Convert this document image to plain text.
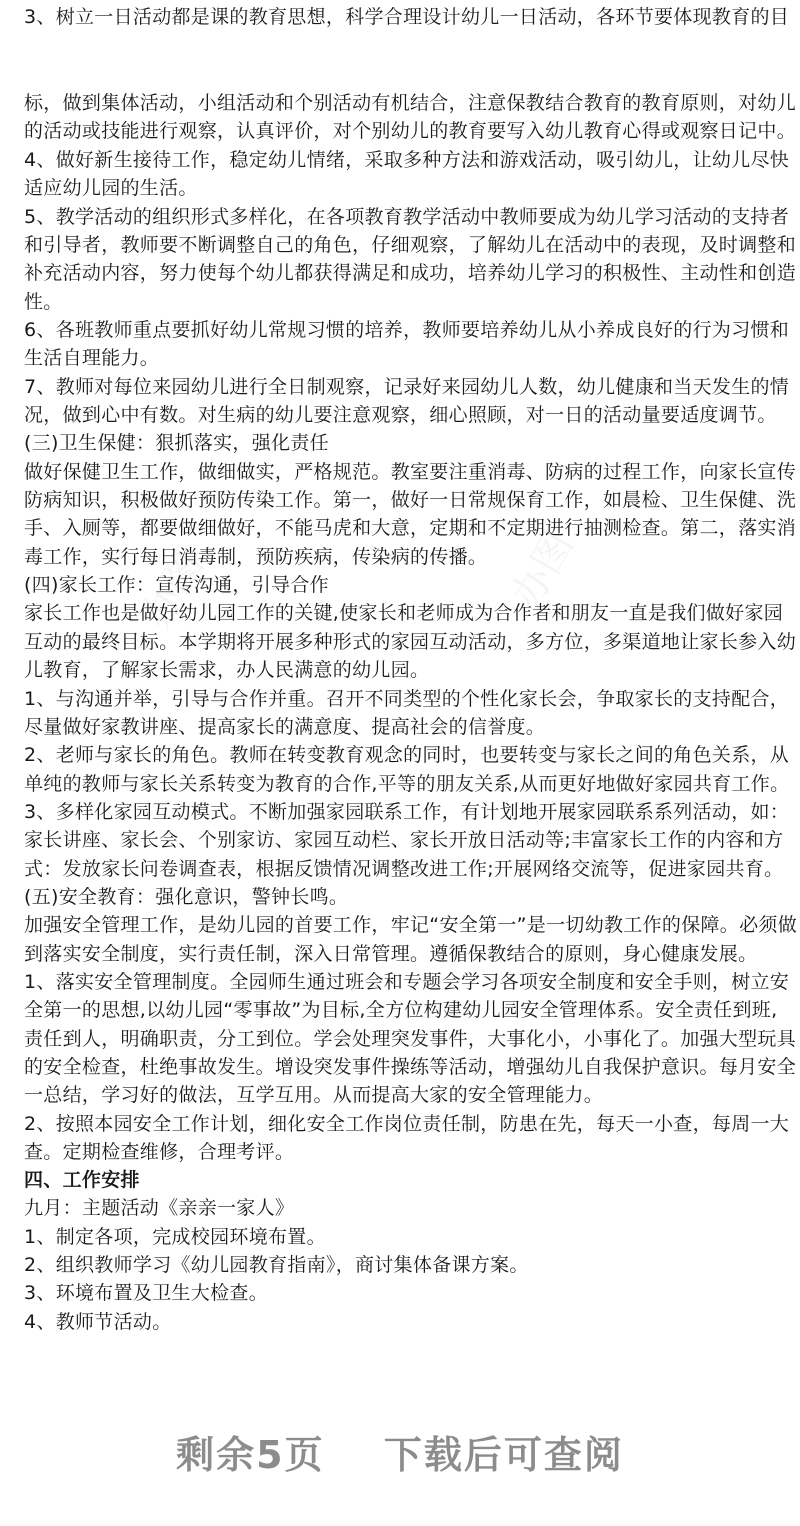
3、树立一日活动都是课的教育思想，科学合理设计幼儿一日活动，各环节要体现教育的目
标，做到集体活动，小组活动和个别活动有机结合，注意保教结合教育的教育原则，对幼儿
的活动或技能进行观察，认真评价，对个别幼儿的教育要写入幼儿教育心得或观察日记中。
4、做好新生接待工作，稳定幼儿情绪，采取多种方法和游戏活动，吸引幼儿，让幼儿尽快
适应幼儿园的生活。
5、教学活动的组织形式多样化，在各项教育教学活动中教师要成为幼儿学习活动的支持者
和引导者，教师要不断调整自己的角色，仔细观察，了解幼儿在活动中的表现，及时调整和
补充活动内容，努力使每个幼儿都获得满足和成功，培养幼儿学习的积极性、主动性和创造
性。
6、各班教师重点要抓好幼儿常规习惯的培养，教师要培养幼儿从小养成良好的行为习惯和
生活自理能力。
7、教师对每位来园幼儿进行全日制观察，记录好来园幼儿人数，幼儿健康和当天发生的情
况，做到心中有数。对生病的幼儿要注意观察，细心照顾，对一日的活动量要适度调节。
(三)卫生保健：狠抓落实，强化责任
做好保健卫生工作，做细做实，严格规范。教室要注重消毒、防病的过程工作，向家长宣传
防病知识，积极做好预防传染工作。第一，做好一日常规保育工作，如晨检、卫生保健、洗
手、入厕等，都要做细做好，不能马虎和大意，定期和不定期进行抽测检查。第二，落实消
毒工作，实行每日消毒制，预防疾病，传染病的传播。
(四)家长工作：宣传沟通，引导合作
家长工作也是做好幼儿园工作的关键,使家长和老师成为合作者和朋友一直是我们做好家园
互动的最终目标。本学期将开展多种形式的家园互动活动，多方位，多渠道地让家长参入幼
儿教育，了解家长需求，办人民满意的幼儿园。
1、与沟通并举，引导与合作并重。召开不同类型的个性化家长会，争取家长的支持配合，
尽量做好家教讲座、提高家长的满意度、提高社会的信誉度。
2、老师与家长的角色。教师在转变教育观念的同时，也要转变与家长之间的角色关系，从
单纯的教师与家长关系转变为教育的合作,平等的朋友关系,从而更好地做好家园共育工作。
3、多样化家园互动模式。不断加强家园联系工作，有计划地开展家园联系系列活动，如：
家长讲座、家长会、个别家访、家园互动栏、家长开放日活动等;丰富家长工作的内容和方
式：发放家长问卷调查表，根据反馈情况调整改进工作;开展网络交流等，促进家园共育。
(五)安全教育：强化意识，警钟长鸣。
加强安全管理工作，是幼儿园的首要工作，牢记“安全第一”是一切幼教工作的保障。必须做
到落实安全制度，实行责任制，深入日常管理。遵循保教结合的原则，身心健康发展。
1、落实安全管理制度。全园师生通过班会和专题会学习各项安全制度和安全手则，树立安
全第一的思想,以幼儿园“零事故”为目标,全方位构建幼儿园安全管理体系。安全责任到班,
责任到人，明确职责，分工到位。学会处理突发事件，大事化小，小事化了。加强大型玩具
的安全检查，杜绝事故发生。增设突发事件操练等活动，增强幼儿自我保护意识。每月安全
一总结，学习好的做法，互学互用。从而提高大家的安全管理能力。
2、按照本园安全工作计划，细化安全工作岗位责任制，防患在先，每天一小查，每周一大
查。定期检查维修，合理考评。
四、工作安排
九月：主题活动《亲亲一家人》
1、制定各项，完成校园环境布置。
2、组织教师学习《幼儿园教育指南》，商讨集体备课方案。
3、环境布置及卫生大检查。
4、教师节活动。
剩余5页 下载后可查阅
